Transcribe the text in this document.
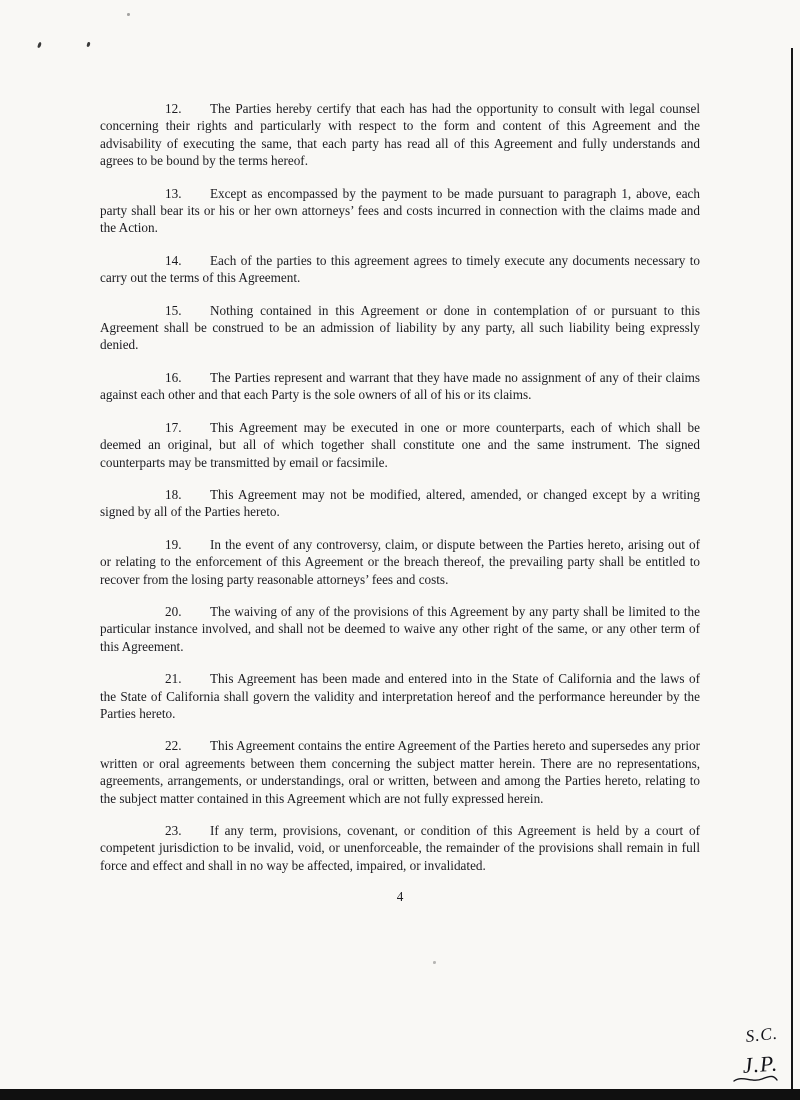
12. The Parties hereby certify that each has had the opportunity to consult with legal counsel concerning their rights and particularly with respect to the form and content of this Agreement and the advisability of executing the same, that each party has read all of this Agreement and fully understands and agrees to be bound by the terms hereof.

13. Except as encompassed by the payment to be made pursuant to paragraph 1, above, each party shall bear its or his or her own attorneys’ fees and costs incurred in connection with the claims made and the Action.

14. Each of the parties to this agreement agrees to timely execute any documents necessary to carry out the terms of this Agreement.

15. Nothing contained in this Agreement or done in contemplation of or pursuant to this Agreement shall be construed to be an admission of liability by any party, all such liability being expressly denied.

16. The Parties represent and warrant that they have made no assignment of any of their claims against each other and that each Party is the sole owners of all of his or its claims.

17. This Agreement may be executed in one or more counterparts, each of which shall be deemed an original, but all of which together shall constitute one and the same instrument. The signed counterparts may be transmitted by email or facsimile.

18. This Agreement may not be modified, altered, amended, or changed except by a writing signed by all of the Parties hereto.

19. In the event of any controversy, claim, or dispute between the Parties hereto, arising out of or relating to the enforcement of this Agreement or the breach thereof, the prevailing party shall be entitled to recover from the losing party reasonable attorneys’ fees and costs.

20. The waiving of any of the provisions of this Agreement by any party shall be limited to the particular instance involved, and shall not be deemed to waive any other right of the same, or any other term of this Agreement.

21. This Agreement has been made and entered into in the State of California and the laws of the State of California shall govern the validity and interpretation hereof and the performance hereunder by the Parties hereto.

22. This Agreement contains the entire Agreement of the Parties hereto and supersedes any prior written or oral agreements between them concerning the subject matter herein. There are no representations, agreements, arrangements, or understandings, oral or written, between and among the Parties hereto, relating to the subject matter contained in this Agreement which are not fully expressed herein.

23. If any term, provisions, covenant, or condition of this Agreement is held by a court of competent jurisdiction to be invalid, void, or unenforceable, the remainder of the provisions shall remain in full force and effect and shall in no way be affected, impaired, or invalidated.

4
S.C.
J.P.
